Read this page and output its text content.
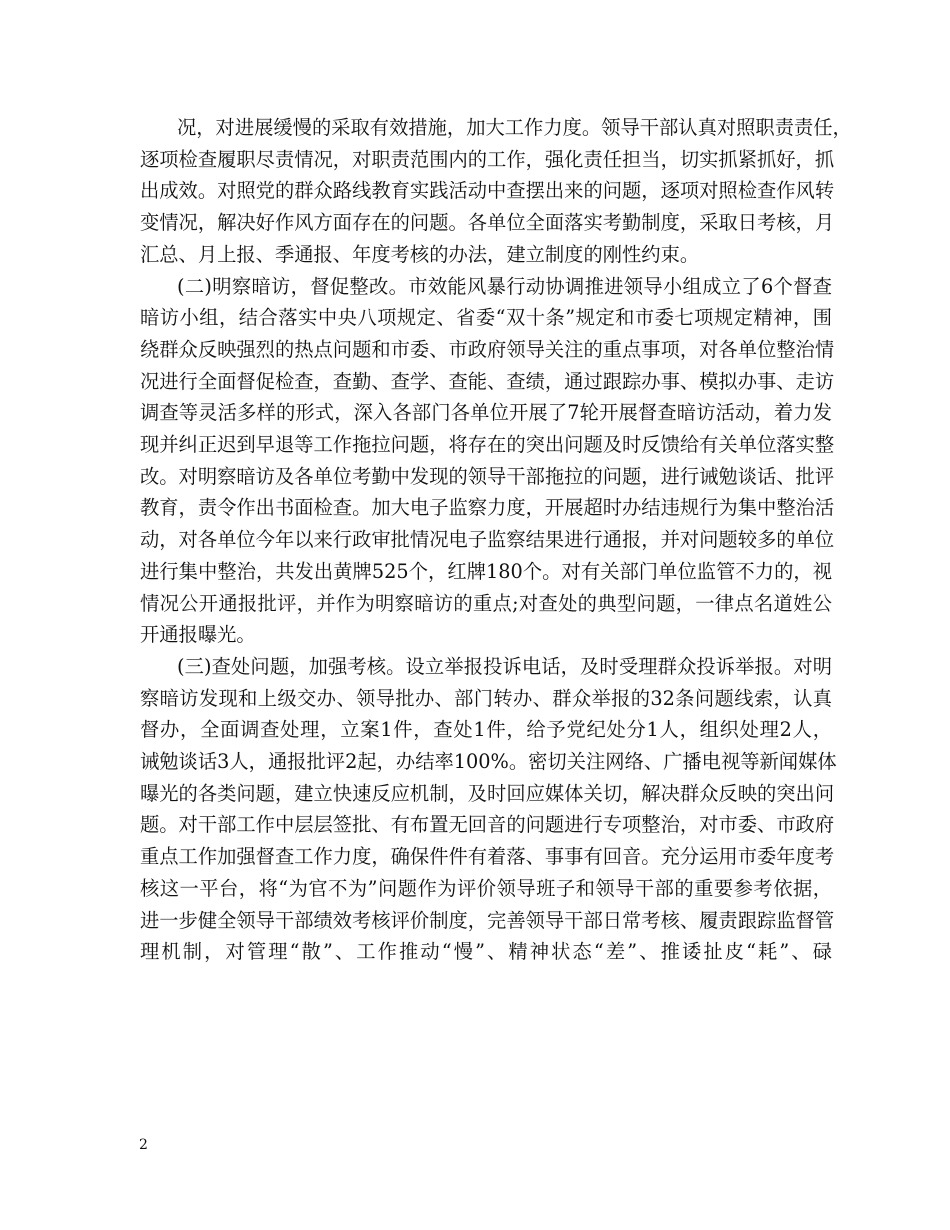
况，对进展缓慢的采取有效措施，加大工作力度。领导干部认真对照职责责任，
逐项检查履职尽责情况，对职责范围内的工作，强化责任担当，切实抓紧抓好，抓
出成效。对照党的群众路线教育实践活动中查摆出来的问题，逐项对照检查作风转
变情况，解决好作风方面存在的问题。各单位全面落实考勤制度，采取日考核，月
汇总、月上报、季通报、年度考核的办法，建立制度的刚性约束。
(二)明察暗访，督促整改。市效能风暴行动协调推进领导小组成立了6个督查
暗访小组，结合落实中央八项规定、省委“双十条”规定和市委七项规定精神，围
绕群众反映强烈的热点问题和市委、市政府领导关注的重点事项，对各单位整治情
况进行全面督促检查，查勤、查学、查能、查绩，通过跟踪办事、模拟办事、走访
调查等灵活多样的形式，深入各部门各单位开展了7轮开展督查暗访活动，着力发
现并纠正迟到早退等工作拖拉问题，将存在的突出问题及时反馈给有关单位落实整
改。对明察暗访及各单位考勤中发现的领导干部拖拉的问题，进行诫勉谈话、批评
教育，责令作出书面检查。加大电子监察力度，开展超时办结违规行为集中整治活
动，对各单位今年以来行政审批情况电子监察结果进行通报，并对问题较多的单位
进行集中整治，共发出黄牌525个，红牌180个。对有关部门单位监管不力的，视
情况公开通报批评，并作为明察暗访的重点;对查处的典型问题，一律点名道姓公
开通报曝光。
(三)查处问题，加强考核。设立举报投诉电话，及时受理群众投诉举报。对明
察暗访发现和上级交办、领导批办、部门转办、群众举报的32条问题线索，认真
督办，全面调查处理，立案1件，查处1件，给予党纪处分1人，组织处理2人，
诫勉谈话3人，通报批评2起，办结率100%。密切关注网络、广播电视等新闻媒体
曝光的各类问题，建立快速反应机制，及时回应媒体关切，解决群众反映的突出问
题。对干部工作中层层签批、有布置无回音的问题进行专项整治，对市委、市政府
重点工作加强督查工作力度，确保件件有着落、事事有回音。充分运用市委年度考
核这一平台，将“为官不为”问题作为评价领导班子和领导干部的重要参考依据，
进一步健全领导干部绩效考核评价制度，完善领导干部日常考核、履责跟踪监督管
理机制，对管理“散”、工作推动“慢”、精神状态“差”、推诿扯皮“耗”、碌
2
